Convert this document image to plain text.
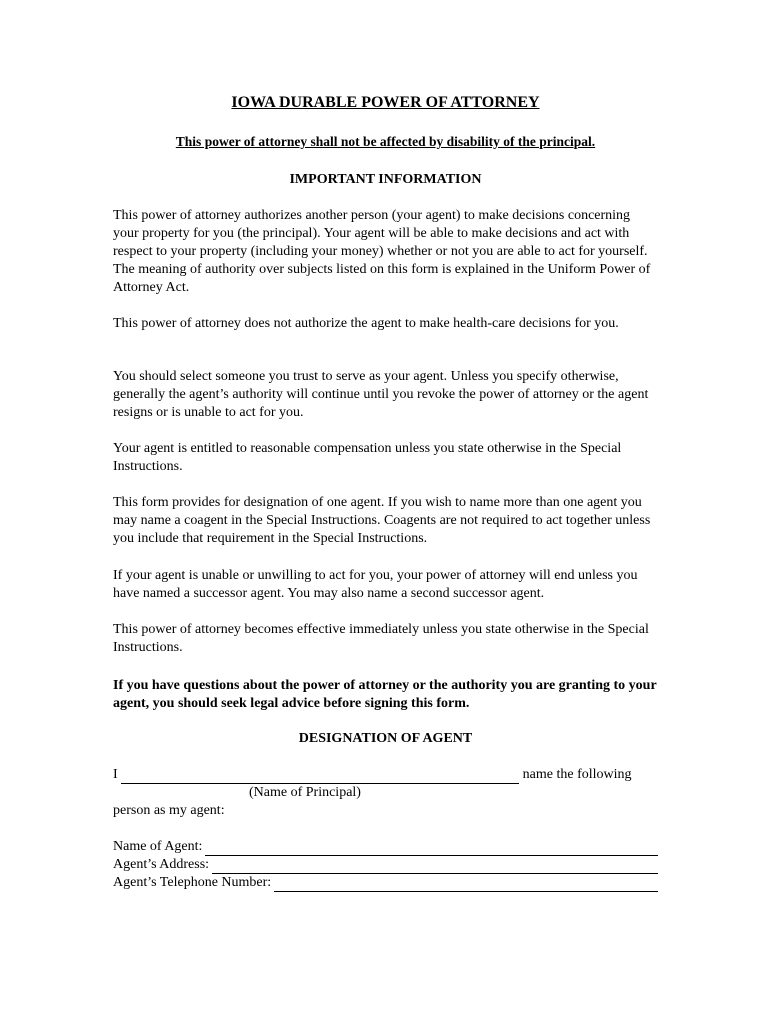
IOWA DURABLE POWER OF ATTORNEY
This power of attorney shall not be affected by disability of the principal.
IMPORTANT INFORMATION

This power of attorney authorizes another person (your agent) to make decisions concerning your property for you (the principal). Your agent will be able to make decisions and act with respect to your property (including your money) whether or not you are able to act for yourself. The meaning of authority over subjects listed on this form is explained in the Uniform Power of Attorney Act.

This power of attorney does not authorize the agent to make health-care decisions for you.

You should select someone you trust to serve as your agent. Unless you specify otherwise, generally the agent’s authority will continue until you revoke the power of attorney or the agent resigns or is unable to act for you.

Your agent is entitled to reasonable compensation unless you state otherwise in the Special Instructions.

This form provides for designation of one agent. If you wish to name more than one agent you may name a coagent in the Special Instructions. Coagents are not required to act together unless you include that requirement in the Special Instructions.

If your agent is unable or unwilling to act for you, your power of attorney will end unless you have named a successor agent. You may also name a second successor agent.

This power of attorney becomes effective immediately unless you state otherwise in the Special Instructions.

If you have questions about the power of attorney or the authority you are granting to your agent, you should seek legal advice before signing this form.

DESIGNATION OF AGENT
I	name the following
(Name of Principal)
person as my agent:
Name of Agent:
Agent’s Address:
Agent’s Telephone Number:
